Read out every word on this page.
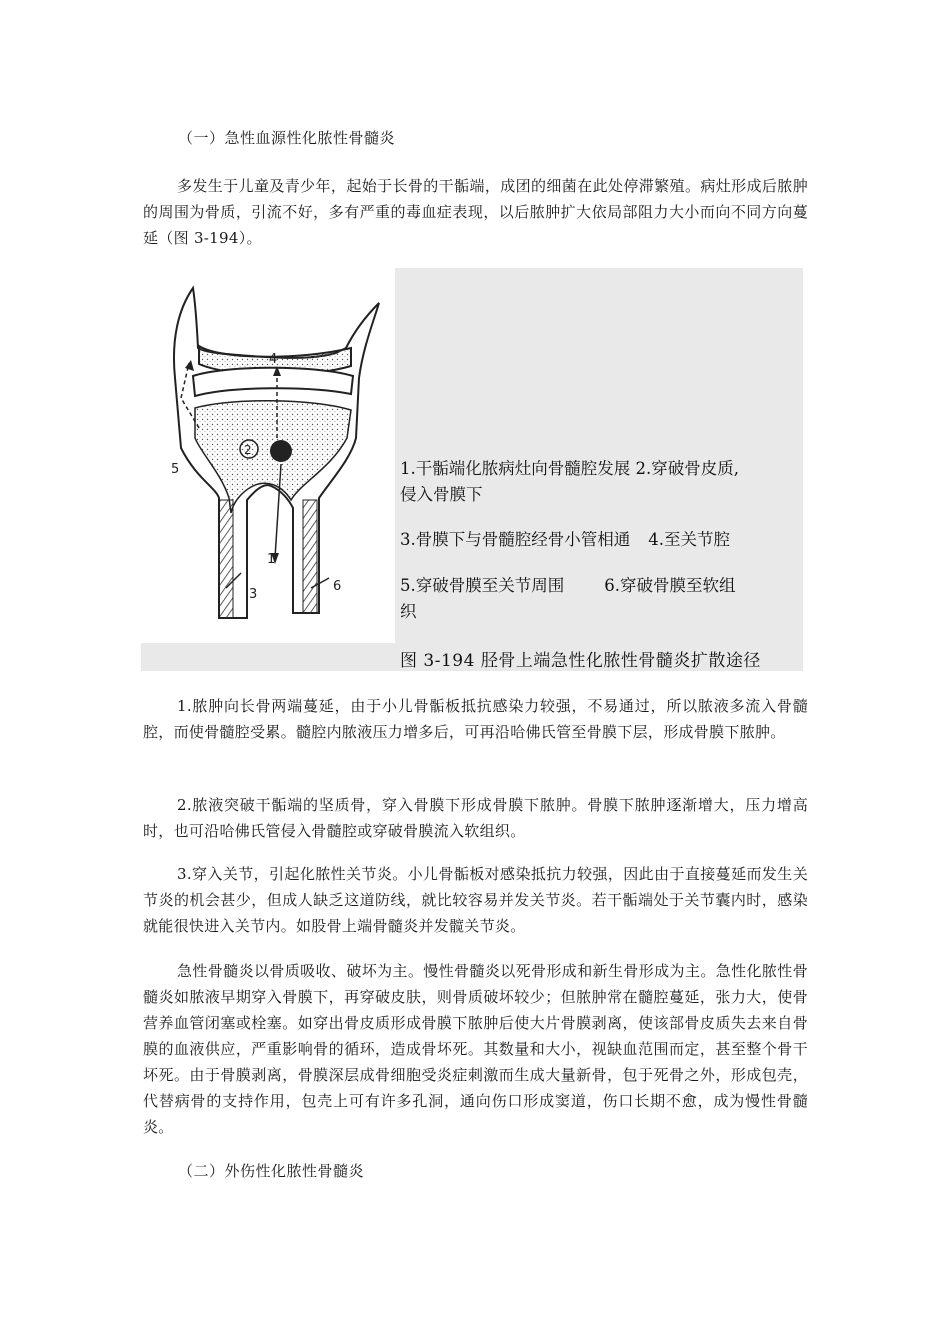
（一）急性血源性化脓性骨髓炎
多发生于儿童及青少年，起始于长骨的干骺端，成团的细菌在此处停滞繁殖。病灶形成后脓肿的周围为骨质，引流不好，多有严重的毒血症表现，以后脓肿扩大依局部阻力大小而向不同方向蔓延（图 3-194）。
4
2
5
1
3
6
1.干骺端化脓病灶向骨髓腔发展 2.穿破骨皮质,
侵入骨膜下
3.骨膜下与骨髓腔经骨小管相通 4.至关节腔
5.穿破骨膜至关节周围 6.穿破骨膜至软组
织
图 3-194 胫骨上端急性化脓性骨髓炎扩散途径
1.脓肿向长骨两端蔓延，由于小儿骨骺板抵抗感染力较强，不易通过，所以脓液多流入骨髓腔，而使骨髓腔受累。髓腔内脓液压力增多后，可再沿哈佛氏管至骨膜下层，形成骨膜下脓肿。
2.脓液突破干骺端的坚质骨，穿入骨膜下形成骨膜下脓肿。骨膜下脓肿逐渐增大，压力增高时，也可沿哈佛氏管侵入骨髓腔或穿破骨膜流入软组织。
3.穿入关节，引起化脓性关节炎。小儿骨骺板对感染抵抗力较强，因此由于直接蔓延而发生关节炎的机会甚少，但成人缺乏这道防线，就比较容易并发关节炎。若干骺端处于关节囊内时，感染就能很快进入关节内。如股骨上端骨髓炎并发髋关节炎。
急性骨髓炎以骨质吸收、破坏为主。慢性骨髓炎以死骨形成和新生骨形成为主。急性化脓性骨髓炎如脓液早期穿入骨膜下，再穿破皮肤，则骨质破坏较少；但脓肿常在髓腔蔓延，张力大，使骨营养血管闭塞或栓塞。如穿出骨皮质形成骨膜下脓肿后使大片骨膜剥离，使该部骨皮质失去来自骨膜的血液供应，严重影响骨的循环，造成骨坏死。其数量和大小，视缺血范围而定，甚至整个骨干坏死。由于骨膜剥离，骨膜深层成骨细胞受炎症刺激而生成大量新骨，包于死骨之外，形成包壳，代替病骨的支持作用，包壳上可有许多孔洞，通向伤口形成窦道，伤口长期不愈，成为慢性骨髓炎。
（二）外伤性化脓性骨髓炎
